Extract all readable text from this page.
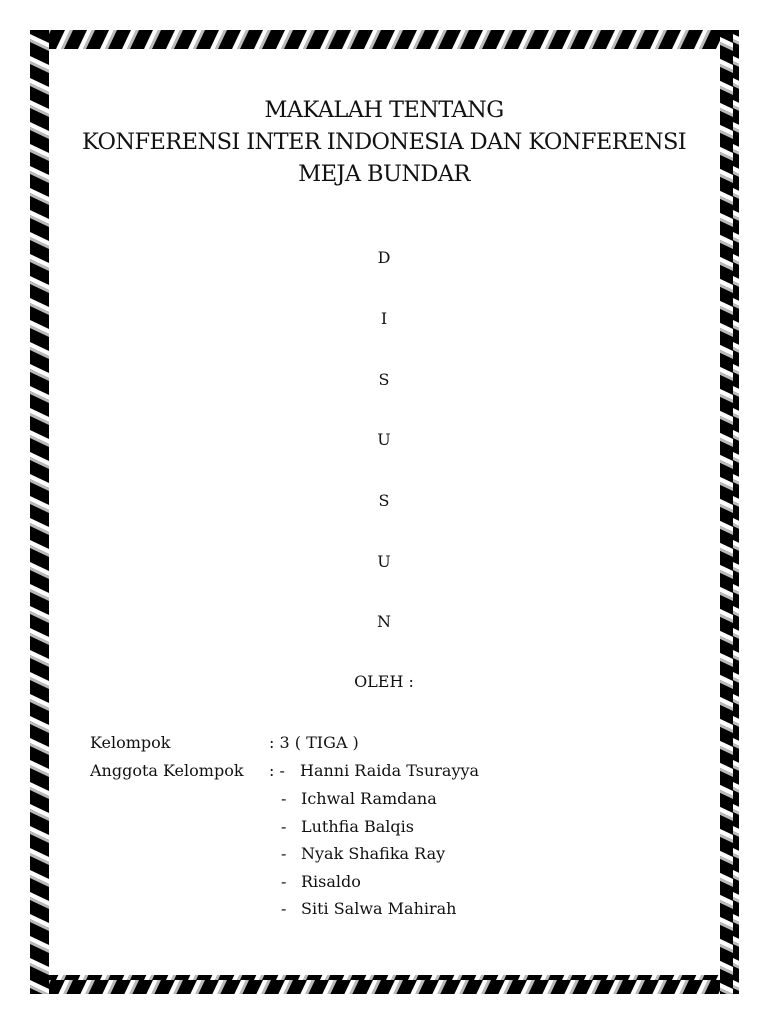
MAKALAH TENTANG
KONFERENSI INTER INDONESIA DAN KONFERENSI
MEJA BUNDAR
D
I
S
U
S
U
N
OLEH :
Kelompok	: 3 ( TIGA )
Anggota Kelompok : - Hanni Raida Tsurayya
- Ichwal Ramdana
- Luthfia Balqis
- Nyak Shafika Ray
- Risaldo
- Siti Salwa Mahirah
